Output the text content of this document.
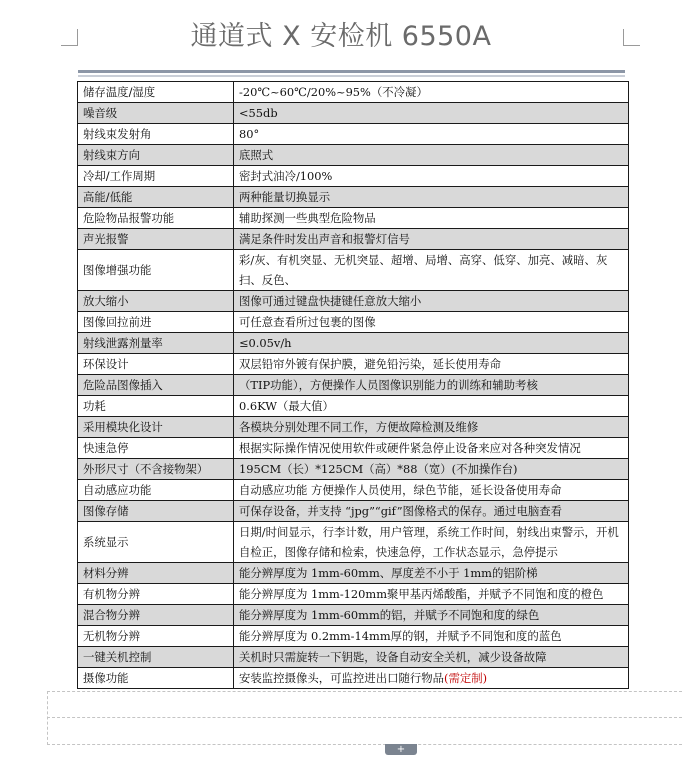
通道式 X 安检机 6550A
储存温度/湿度	-20℃~60℃/20%~95%（不冷凝）
噪音级	<55db
射线束发射角	80°
射线束方向	底照式
冷却/工作周期	密封式油冷/100%
高能/低能	两种能量切换显示
危险物品报警功能	辅助探测一些典型危险物品
声光报警	满足条件时发出声音和报警灯信号
图像增强功能	彩/灰、有机突显、无机突显、超增、局增、高穿、低穿、加亮、减暗、灰扫、反色、
放大缩小	图像可通过键盘快捷键任意放大缩小
图像回拉前进	可任意查看所过包裹的图像
射线泄露剂量率	≤0.05v/h
环保设计	双层铅帘外镀有保护膜，避免铅污染，延长使用寿命
危险品图像插入	（TIP功能），方便操作人员图像识别能力的训练和辅助考核
功耗	0.6KW（最大值）
采用模块化设计	各模块分别处理不同工作，方便故障检测及维修
快速急停	根据实际操作情况使用软件或硬件紧急停止设备来应对各种突发情况
外形尺寸（不含接物架）	195CM（长）*125CM（高）*88（宽）(不加操作台)
自动感应功能	自动感应功能 方便操作人员使用，绿色节能，延长设备使用寿命
图像存储	可保存设备，并支持 “jpg”“gif”图像格式的保存。通过电脑查看
系统显示	日期/时间显示，行李计数，用户管理，系统工作时间，射线出束警示，开机自检正，图像存储和检索，快速急停，工作状态显示，急停提示
材料分辨	能分辨厚度为 1mm-60mm、厚度差不小于 1mm的铝阶梯
有机物分辨	能分辨厚度为 1mm-120mm聚甲基丙烯酸酯，并赋予不同饱和度的橙色
混合物分辨	能分辨厚度为 1mm-60mm的铝，并赋予不同饱和度的绿色
无机物分辨	能分辨厚度为 0.2mm-14mm厚的钢，并赋予不同饱和度的蓝色
一键关机控制	关机时只需旋转一下钥匙，设备自动安全关机，减少设备故障
摄像功能	安装监控摄像头，可监控进出口随行物品(需定制)
+
